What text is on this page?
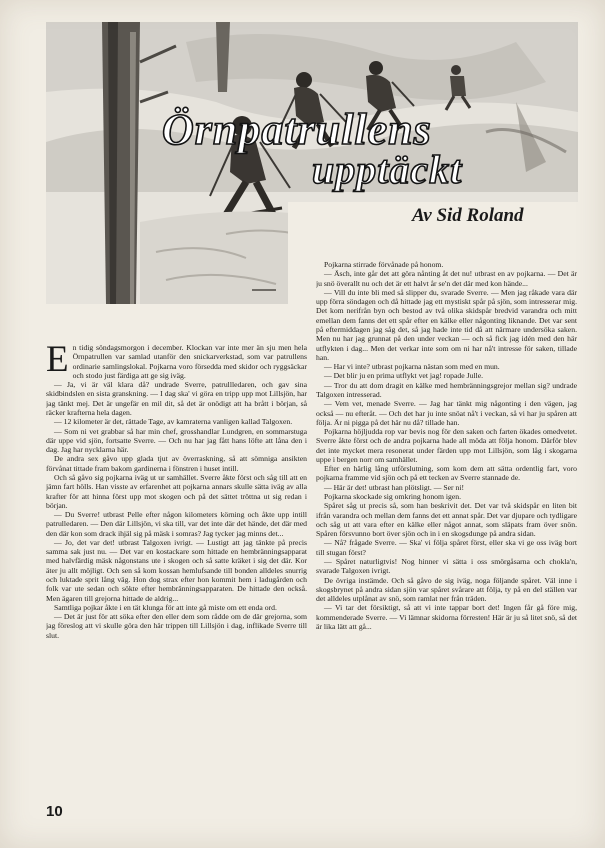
Örnpatrullens
upptäckt
Av Sid Roland
E n tidig söndagsmorgon i december. Klockan var inte mer än sju men hela Örnpatrullen var samlad utanför den snickarverkstad, som var patrullens ordinarie samlingslokal. Pojkarna voro försedda med skidor och ryggsäckar och stodo just färdiga att ge sig iväg.

— Ja, vi är väl klara då? undrade Sverre, patrullledaren, och gav sina skidbindslen en sista granskning. — I dag ska' vi göra en tripp upp mot Lillsjön, har jag tänkt mej. Det är ungefär en mil dit, så det är onödigt att ha brått i början, så räcker krafterna hela dagen.

— 12 kilometer är det, rättade Tage, av kamraterna vanligen kallad Talgoxen.

— Som ni vet grabbar så har min chef, grosshandlar Lundgren, en sommarstuga där uppe vid sjön, fortsatte Sverre. — Och nu har jag fått hans löfte att låna den i dag. Jag har nycklarna här.

De andra sex gåvo upp glada tjut av överraskning, så att sömniga ansikten förvånat tittade fram bakom gardinerna i fönstren i huset intill.

Och så gåvo sig pojkarna iväg ut ur samhället. Sverre åkte först och såg till att en jämn fart hölls. Han visste av erfarenhet att pojkarna annars skulle sätta iväg av alla krafter för att hinna först upp mot skogen och på det sättet tröttna ut sig redan i början.

— Du Sverre! utbrast Pelle efter någon kilometers körning och åkte upp intill patrulledaren. — Den där Lillsjön, vi ska till, var det inte där det hände, det där med den där kon som drack ihjäl sig på mäsk i somras? Jag tycker jag minns det...

— Jo, det var det! utbrast Talgoxen ivrigt. — Lustigt att jag tänkte på precis samma sak just nu. — Det var en kostackare som hittade en hembränningsapparat med halvfärdig mäsk någonstans ute i skogen och så satte kräket i sig det där. Kor äter ju allt möjligt. Och sen så kom kossan hemlufsande till bonden alldeles snurrig och luktade sprit lång väg. Hon dog strax efter hon kommit hem i ladugården och folk var ute sedan och sökte efter hembränningsapparaten. De hittade den också. Men ägaren till grejorna hittade de aldrig...

Samtliga pojkar åkte i en tät klunga för att inte gå miste om ett enda ord.

— Det är just för att söka efter den eller dem som rådde om de där grejorna, som jag föreslog att vi skulle göra den här trippen till Lillsjön i dag, inflikade Sverre till slut.

Pojkarna stirrade förvånade på honom.

— Äsch, inte går det att göra nånting åt det nu! utbrast en av pojkarna. — Det är ju snö överallt nu och det är ett halvt år se'n det där med kon hände...

— Vill du inte bli med så slipper du, svarade Sverre. — Men jag råkade vara där upp förra söndagen och då hittade jag ett mystiskt spår på sjön, som intresserar mig. Det kom nerifrån byn och bestod av två olika skidspår bredvid varandra och mitt emellan dem fanns det ett spår efter en kälke eller någonting liknande. Det var sent på eftermiddagen jag såg det, så jag hade inte tid då att närmare undersöka saken. Men nu har jag grunnat på den under veckan — och så fick jag idén med den här utflykten i dag... Men det verkar inte som om ni har nå't intresse för saken, tillade han.

— Har vi inte? utbrast pojkarna nästan som med en mun.

— Det blir ju en prima utflykt vet jag! ropade Julle.

— Tror du att dom dragit en kälke med hembränningsgrejor mellan sig? undrade Talgoxen intresserad.

— Vem vet, menade Sverre. — Jag har tänkt mig någonting i den vägen, jag också — nu efteråt. — Och det har ju inte snöat nå't i veckan, så vi har ju spåren att följa. Är ni pigga på det här nu då? tillade han.

Pojkarna höjljudda rop var bevis nog för den saken och farten ökades omedvetet. Sverre åkte först och de andra pojkarna hade all möda att följa honom. Därför blev det inte mycket mera resonerat under färden upp mot Lillsjön, som låg i skogarna uppe i bergen norr om samhället.

Efter en härlig lång utförslutning, som kom dem att sätta ordentlig fart, voro pojkarna framme vid sjön och på ett tecken av Sverre stannade de.

— Här är det! utbrast han plötsligt. — Ser ni!

Pojkarna skockade sig omkring honom igen.

Spåret såg ut precis så, som han beskrivit det. Det var två skidspår en liten bit ifrån varandra och mellan dem fanns det ett annat spår. Det var djupare och tydligare och såg ut att vara efter en kälke eller något annat, som släpats fram över snön. Spåren försvunno bort över sjön och in i en skogsdunge på andra sidan.

— Nå? frågade Sverre. — Ska' vi följa spåret först, eller ska vi ge oss iväg bort till stugan först?

— Spåret naturligtvis! Nog hinner vi sätta i oss smörgåsarna och chokla'n, svarade Talgoxen ivrigt.

De övriga instämde. Och så gåvo de sig iväg, noga följande spåret. Väl inne i skogsbrynet på andra sidan sjön var spåret svårare att följa, ty på en del ställen var det alldeles utplånat av snö, som ramlat ner från träden.

— Vi tar det försiktigt, så att vi inte tappar bort det! Ingen får gå före mig, kommenderade Sverre. — Vi lämnar skidorna förresten! Här är ju så litet snö, så det är lika lätt att gå...

10
